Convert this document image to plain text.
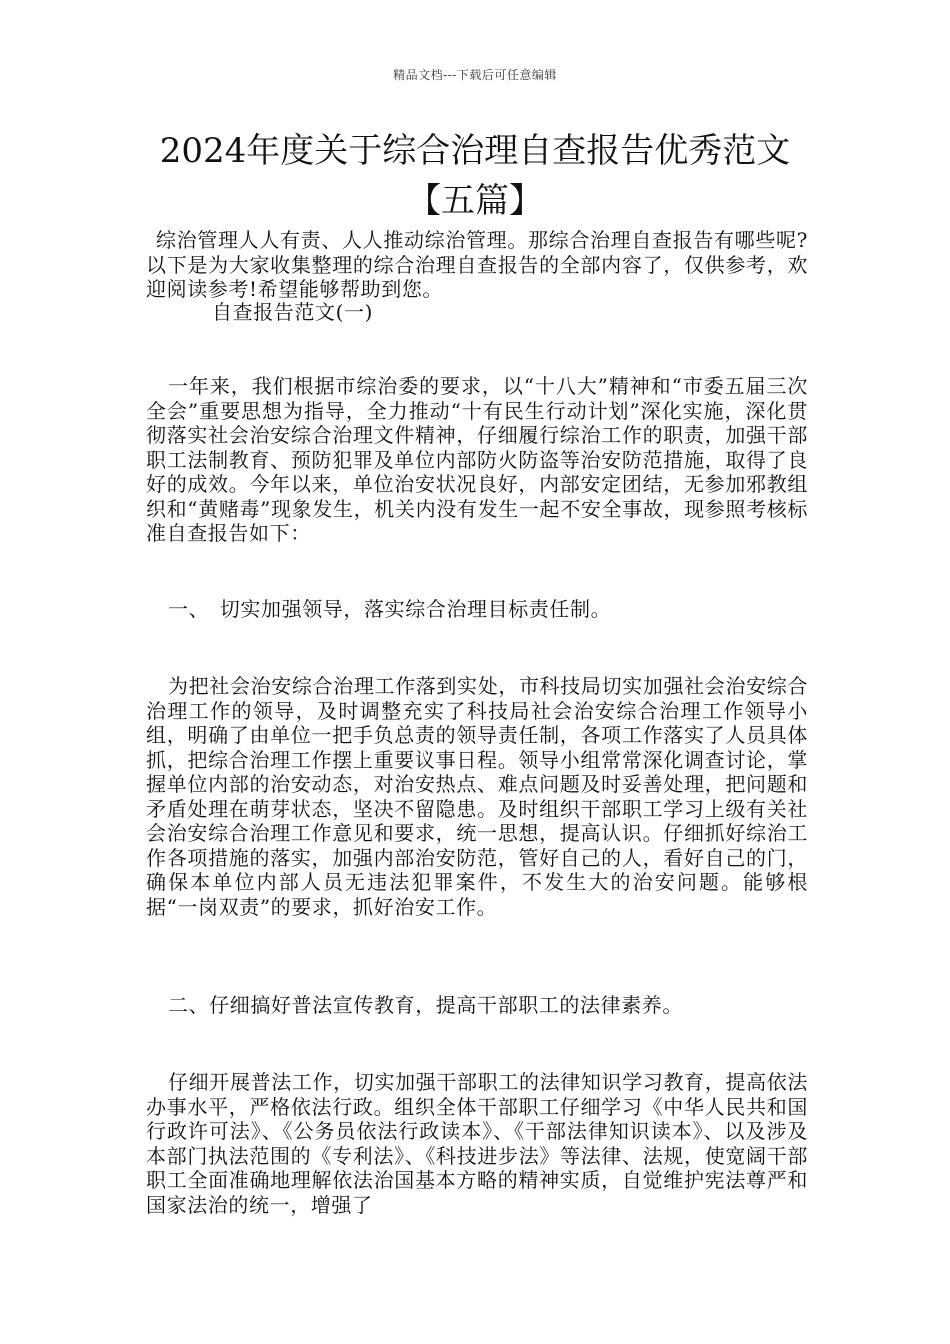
精品文档---下载后可任意编辑
2024年度关于综合治理自查报告优秀范文【五篇】

综治管理人人有责、人人推动综治管理。那综合治理自查报告有哪些呢?以下是为大家收集整理的综合治理自查报告的全部内容了，仅供参考，欢迎阅读参考!希望能够帮助到您。

自查报告范文(一)

一年来，我们根据市综治委的要求，以“十八大”精神和“市委五届三次全会”重要思想为指导，全力推动“十有民生行动计划”深化实施，深化贯彻落实社会治安综合治理文件精神，仔细履行综治工作的职责，加强干部职工法制教育、预防犯罪及单位内部防火防盗等治安防范措施，取得了良好的成效。今年以来，单位治安状况良好，内部安定团结，无参加邪教组织和“黄赌毒”现象发生，机关内没有发生一起不安全事故，现参照考核标准自查报告如下：

一、　切实加强领导，落实综合治理目标责任制。

为把社会治安综合治理工作落到实处，市科技局切实加强社会治安综合治理工作的领导，及时调整充实了科技局社会治安综合治理工作领导小组，明确了由单位一把手负总责的领导责任制，各项工作落实了人员具体抓，把综合治理工作摆上重要议事日程。领导小组常常深化调查讨论，掌握单位内部的治安动态，对治安热点、难点问题及时妥善处理，把问题和矛盾处理在萌芽状态，坚决不留隐患。及时组织干部职工学习上级有关社会治安综合治理工作意见和要求，统一思想，提高认识。仔细抓好综治工作各项措施的落实，加强内部治安防范，管好自己的人，看好自己的门，确保本单位内部人员无违法犯罪案件，不发生大的治安问题。能够根据“一岗双责”的要求，抓好治安工作。

二、仔细搞好普法宣传教育，提高干部职工的法律素养。

仔细开展普法工作，切实加强干部职工的法律知识学习教育，提高依法办事水平，严格依法行政。组织全体干部职工仔细学习《中华人民共和国行政许可法》、《公务员依法行政读本》、《干部法律知识读本》、以及涉及本部门执法范围的《专利法》、《科技进步法》等法律、法规，使宽阔干部职工全面准确地理解依法治国基本方略的精神实质，自觉维护宪法尊严和国家法治的统一，增强了
